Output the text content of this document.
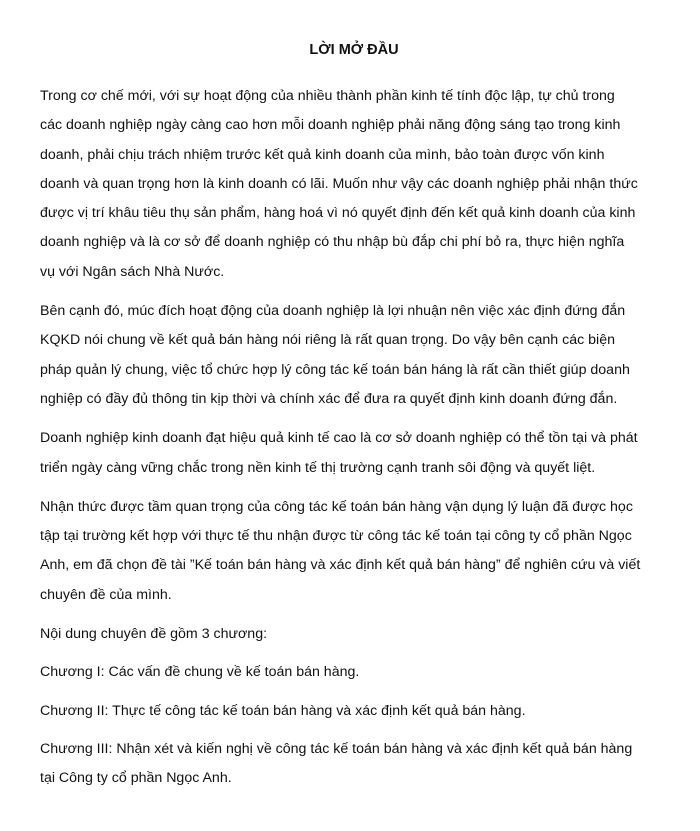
LỜI MỞ ĐẦU
Trong cơ chế mới, với sự hoạt động của nhiều thành phần kinh tế tính độc lập, tự chủ trong
các doanh nghiệp ngày càng cao hơn mỗi doanh nghiệp phải năng động sáng tạo trong kinh
doanh, phải chịu trách nhiệm trước kết quả kinh doanh của mình, bảo toàn được vốn kinh
doanh và quan trọng hơn là kinh doanh có lãi. Muốn như vậy các doanh nghiệp phải nhận thức
được vị trí khâu tiêu thụ sản phẩm, hàng hoá vì nó quyết định đến kết quả kinh doanh của kinh
doanh nghiệp và là cơ sở để doanh nghiệp có thu nhập bù đắp chi phí bỏ ra, thực hiện nghĩa
vụ với Ngân sách Nhà Nước.
Bên cạnh đó, múc đích hoạt động của doanh nghiệp là lợi nhuận nên việc xác định đứng đắn
KQKD nói chung về kết quả bán hàng nói riêng là rất quan trọng. Do vậy bên cạnh các biện
pháp quản lý chung, việc tổ chức hợp lý công tác kế toán bán háng là rất cần thiết giúp doanh
nghiệp có đầy đủ thông tin kịp thời và chính xác để đưa ra quyết định kinh doanh đứng đắn.
Doanh nghiệp kinh doanh đạt hiệu quả kinh tế cao là cơ sở doanh nghiệp có thể tồn tại và phát
triển ngày càng vững chắc trong nền kinh tế thị trường cạnh tranh sôi động và quyết liệt.
Nhận thức được tầm quan trọng của công tác kế toán bán hàng vận dụng lý luận đã được học
tập tại trường kết hợp với thực tế thu nhận được từ công tác kế toán tại công ty cổ phần Ngọc
Anh, em đã chọn đề tài ”Kế toán bán hàng và xác định kết quả bán hàng” để nghiên cứu và viết
chuyên đề của mình.
Nội dung chuyên đề gồm 3 chương:
Chương I: Các vấn đề chung về kế toán bán hàng.
Chương II: Thực tế công tác kế toán bán hàng và xác định kết quả bán hàng.
Chương III: Nhận xét và kiến nghị về công tác kế toán bán hàng và xác định kết quả bán hàng
tại Công ty cổ phần Ngọc Anh.
